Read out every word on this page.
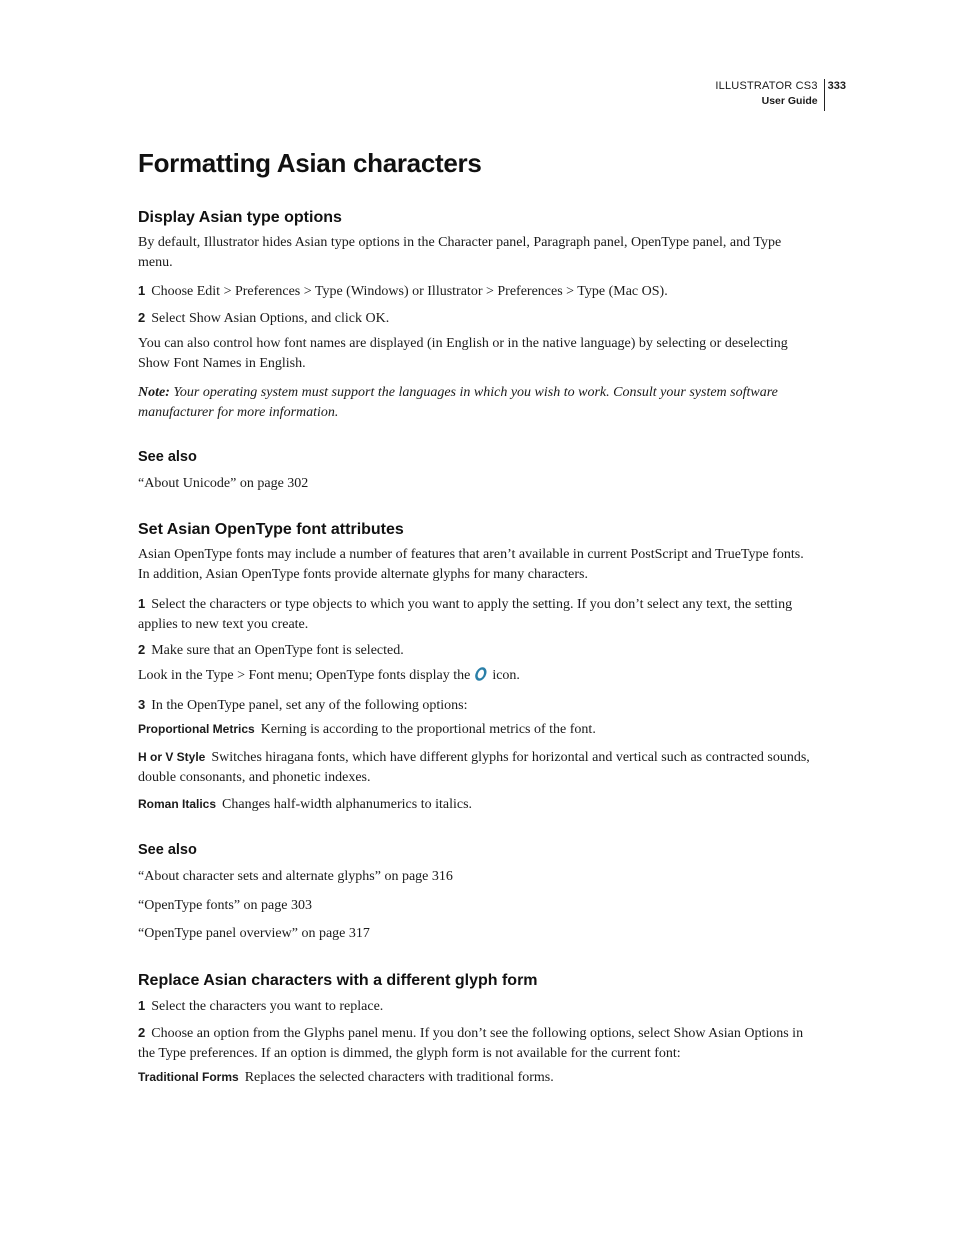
ILLUSTRATOR CS3
User Guide
333
Formatting Asian characters
Display Asian type options

By default, Illustrator hides Asian type options in the Character panel, Paragraph panel, OpenType panel, and Type menu.

1 Choose Edit > Preferences > Type (Windows) or Illustrator > Preferences > Type (Mac OS).

2 Select Show Asian Options, and click OK.

You can also control how font names are displayed (in English or in the native language) by selecting or deselecting Show Font Names in English.

Note: Your operating system must support the languages in which you wish to work. Consult your system software manufacturer for more information.

See also

“About Unicode” on page 302

Set Asian OpenType font attributes

Asian OpenType fonts may include a number of features that aren’t available in current PostScript and TrueType fonts. In addition, Asian OpenType fonts provide alternate glyphs for many characters.

1 Select the characters or type objects to which you want to apply the setting. If you don’t select any text, the setting applies to new text you create.

2 Make sure that an OpenType font is selected.

Look in the Type > Font menu; OpenType fonts display the icon.

3 In the OpenType panel, set any of the following options:

Proportional Metrics Kerning is according to the proportional metrics of the font.

H or V Style Switches hiragana fonts, which have different glyphs for horizontal and vertical such as contracted sounds, double consonants, and phonetic indexes.

Roman Italics Changes half-width alphanumerics to italics.

See also

“About character sets and alternate glyphs” on page 316

“OpenType fonts” on page 303

“OpenType panel overview” on page 317

Replace Asian characters with a different glyph form

1 Select the characters you want to replace.

2 Choose an option from the Glyphs panel menu. If you don’t see the following options, select Show Asian Options in the Type preferences. If an option is dimmed, the glyph form is not available for the current font:

Traditional Forms Replaces the selected characters with traditional forms.
